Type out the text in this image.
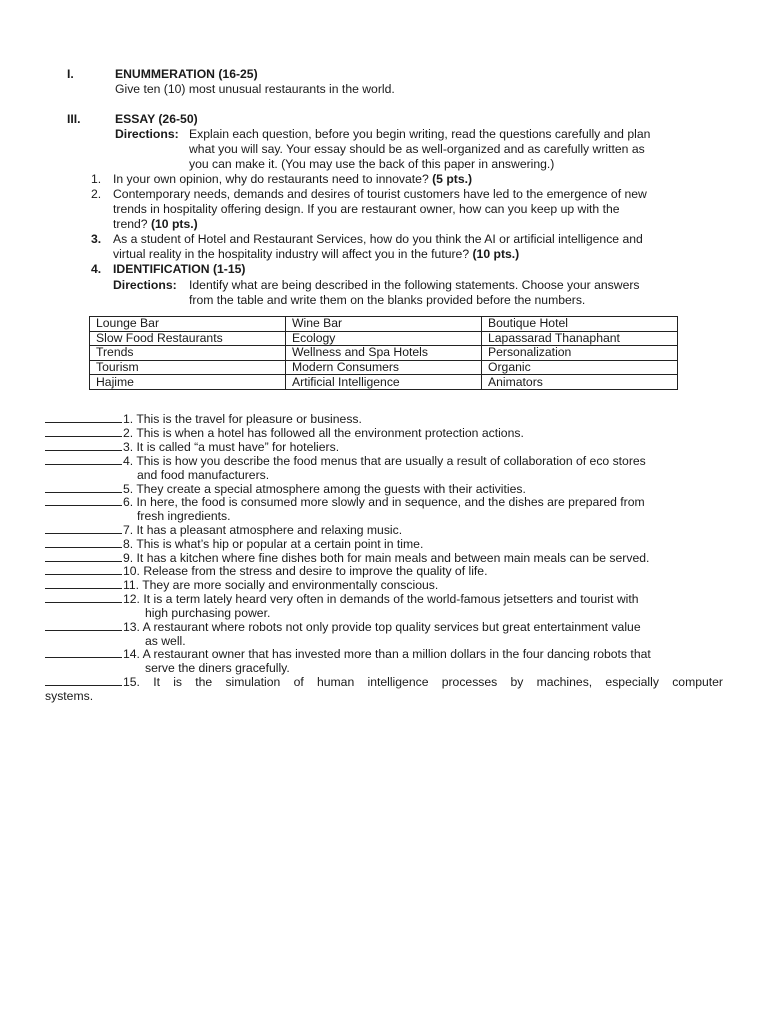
I.	ENUMMERATION (16-25)
Give ten (10) most unusual restaurants in the world.
III.	ESSAY (26-50)
Directions: Explain each question, before you begin writing, read the questions carefully and plan
what you will say. Your essay should be as well-organized and as carefully written as
you can make it. (You may use the back of this paper in answering.)
1. In your own opinion, why do restaurants need to innovate? (5 pts.)
2. Contemporary needs, demands and desires of tourist customers have led to the emergence of new
trends in hospitality offering design. If you are restaurant owner, how can you keep up with the
trend? (10 pts.)
3. As a student of Hotel and Restaurant Services, how do you think the AI or artificial intelligence and
virtual reality in the hospitality industry will affect you in the future? (10 pts.)
4. IDENTIFICATION (1-15)
Directions: Identify what are being described in the following statements. Choose your answers
from the table and write them on the blanks provided before the numbers.
Lounge Bar	Wine Bar	Boutique Hotel
Slow Food Restaurants	Ecology	Lapassarad Thanaphant
Trends	Wellness and Spa Hotels	Personalization
Tourism	Modern Consumers	Organic
Hajime	Artificial Intelligence	Animators
1. This is the travel for pleasure or business.
2. This is when a hotel has followed all the environment protection actions.
3. It is called “a must have” for hoteliers.
4. This is how you describe the food menus that are usually a result of collaboration of eco stores
and food manufacturers.
5. They create a special atmosphere among the guests with their activities.
6. In here, the food is consumed more slowly and in sequence, and the dishes are prepared from
fresh ingredients.
7. It has a pleasant atmosphere and relaxing music.
8. This is what’s hip or popular at a certain point in time.
9. It has a kitchen where fine dishes both for main meals and between main meals can be served.
10. Release from the stress and desire to improve the quality of life.
11. They are more socially and environmentally conscious.
12. It is a term lately heard very often in demands of the world-famous jetsetters and tourist with
high purchasing power.
13. A restaurant where robots not only provide top quality services but great entertainment value
as well.
14. A restaurant owner that has invested more than a million dollars in the four dancing robots that
serve the diners gracefully.
15. It is the simulation of human intelligence processes by machines, especially computer
systems.
